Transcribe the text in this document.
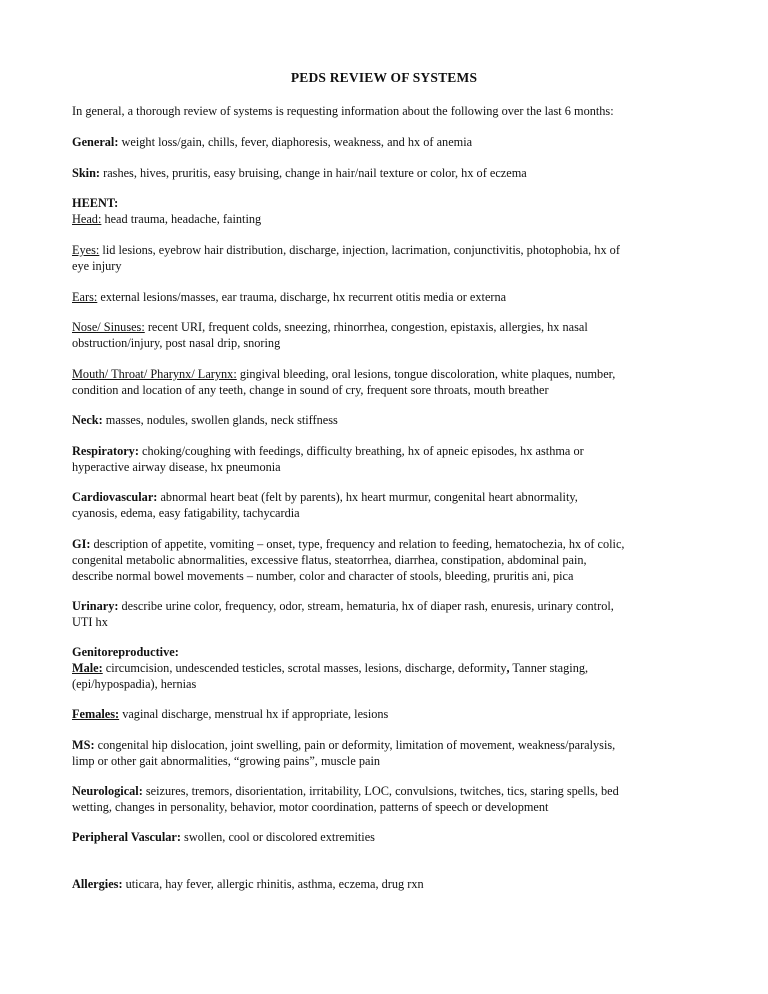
PEDS REVIEW OF SYSTEMS

In general, a thorough review of systems is requesting information about the following over the last 6 months:

General: weight loss/gain, chills, fever, diaphoresis, weakness, and hx of anemia

Skin: rashes, hives, pruritis, easy bruising, change in hair/nail texture or color, hx of eczema

HEENT:
Head: head trauma, headache, fainting

Eyes: lid lesions, eyebrow hair distribution, discharge, injection, lacrimation, conjunctivitis, photophobia, hx of
eye injury

Ears: external lesions/masses, ear trauma, discharge, hx recurrent otitis media or externa

Nose/ Sinuses: recent URI, frequent colds, sneezing, rhinorrhea, congestion, epistaxis, allergies, hx nasal
obstruction/injury, post nasal drip, snoring

Mouth/ Throat/ Pharynx/ Larynx: gingival bleeding, oral lesions, tongue discoloration, white plaques, number,
condition and location of any teeth, change in sound of cry, frequent sore throats, mouth breather

Neck: masses, nodules, swollen glands, neck stiffness

Respiratory: choking/coughing with feedings, difficulty breathing, hx of apneic episodes, hx asthma or
hyperactive airway disease, hx pneumonia

Cardiovascular: abnormal heart beat (felt by parents), hx heart murmur, congenital heart abnormality,
cyanosis, edema, easy fatigability, tachycardia

GI: description of appetite, vomiting – onset, type, frequency and relation to feeding, hematochezia, hx of colic,
congenital metabolic abnormalities, excessive flatus, steatorrhea, diarrhea, constipation, abdominal pain,
describe normal bowel movements – number, color and character of stools, bleeding, pruritis ani, pica

Urinary: describe urine color, frequency, odor, stream, hematuria, hx of diaper rash, enuresis, urinary control,
UTI hx

Genitoreproductive:
Male: circumcision, undescended testicles, scrotal masses, lesions, discharge, deformity, Tanner staging,
(epi/hypospadia), hernias

Females: vaginal discharge, menstrual hx if appropriate, lesions

MS: congenital hip dislocation, joint swelling, pain or deformity, limitation of movement, weakness/paralysis,
limp or other gait abnormalities, “growing pains”, muscle pain

Neurological: seizures, tremors, disorientation, irritability, LOC, convulsions, twitches, tics, staring spells, bed
wetting, changes in personality, behavior, motor coordination, patterns of speech or development

Peripheral Vascular: swollen, cool or discolored extremities

Allergies: uticara, hay fever, allergic rhinitis, asthma, eczema, drug rxn
